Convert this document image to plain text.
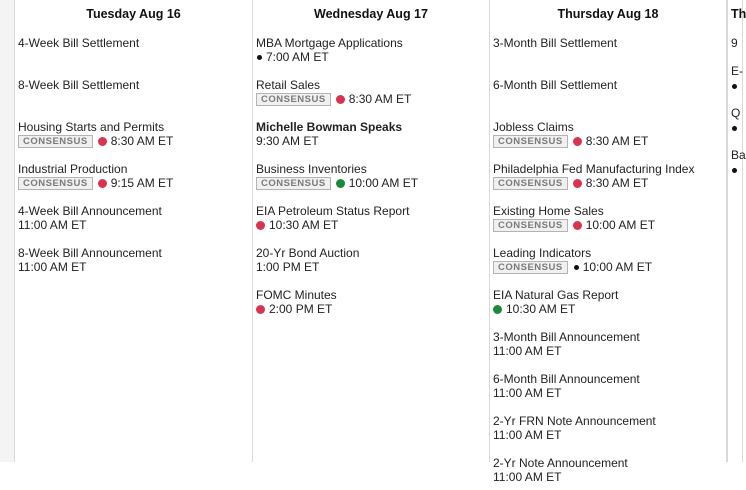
Tuesday Aug 16
4-Week Bill Settlement
8-Week Bill Settlement
Housing Starts and Permits
CONSENSUS	8:30 AM ET
Industrial Production
CONSENSUS	9:15 AM ET
4-Week Bill Announcement
11:00 AM ET
8-Week Bill Announcement
11:00 AM ET
Wednesday Aug 17
MBA Mortgage Applications
7:00 AM ET
Retail Sales
CONSENSUS	8:30 AM ET
Michelle Bowman Speaks
9:30 AM ET
Business Inventories
CONSENSUS	10:00 AM ET
EIA Petroleum Status Report
10:30 AM ET
20-Yr Bond Auction
1:00 PM ET
FOMC Minutes
2:00 PM ET
Thursday Aug 18
3-Month Bill Settlement
6-Month Bill Settlement
Jobless Claims
CONSENSUS	8:30 AM ET
Philadelphia Fed Manufacturing Index
CONSENSUS	8:30 AM ET
Existing Home Sales
CONSENSUS	10:00 AM ET
Leading Indicators
CONSENSUS	10:00 AM ET
EIA Natural Gas Report
10:30 AM ET
3-Month Bill Announcement
11:00 AM ET
6-Month Bill Announcement
11:00 AM ET
2-Yr FRN Note Announcement
11:00 AM ET
2-Yr Note Announcement
11:00 AM ET
Th
9
E-
Q
Ba
